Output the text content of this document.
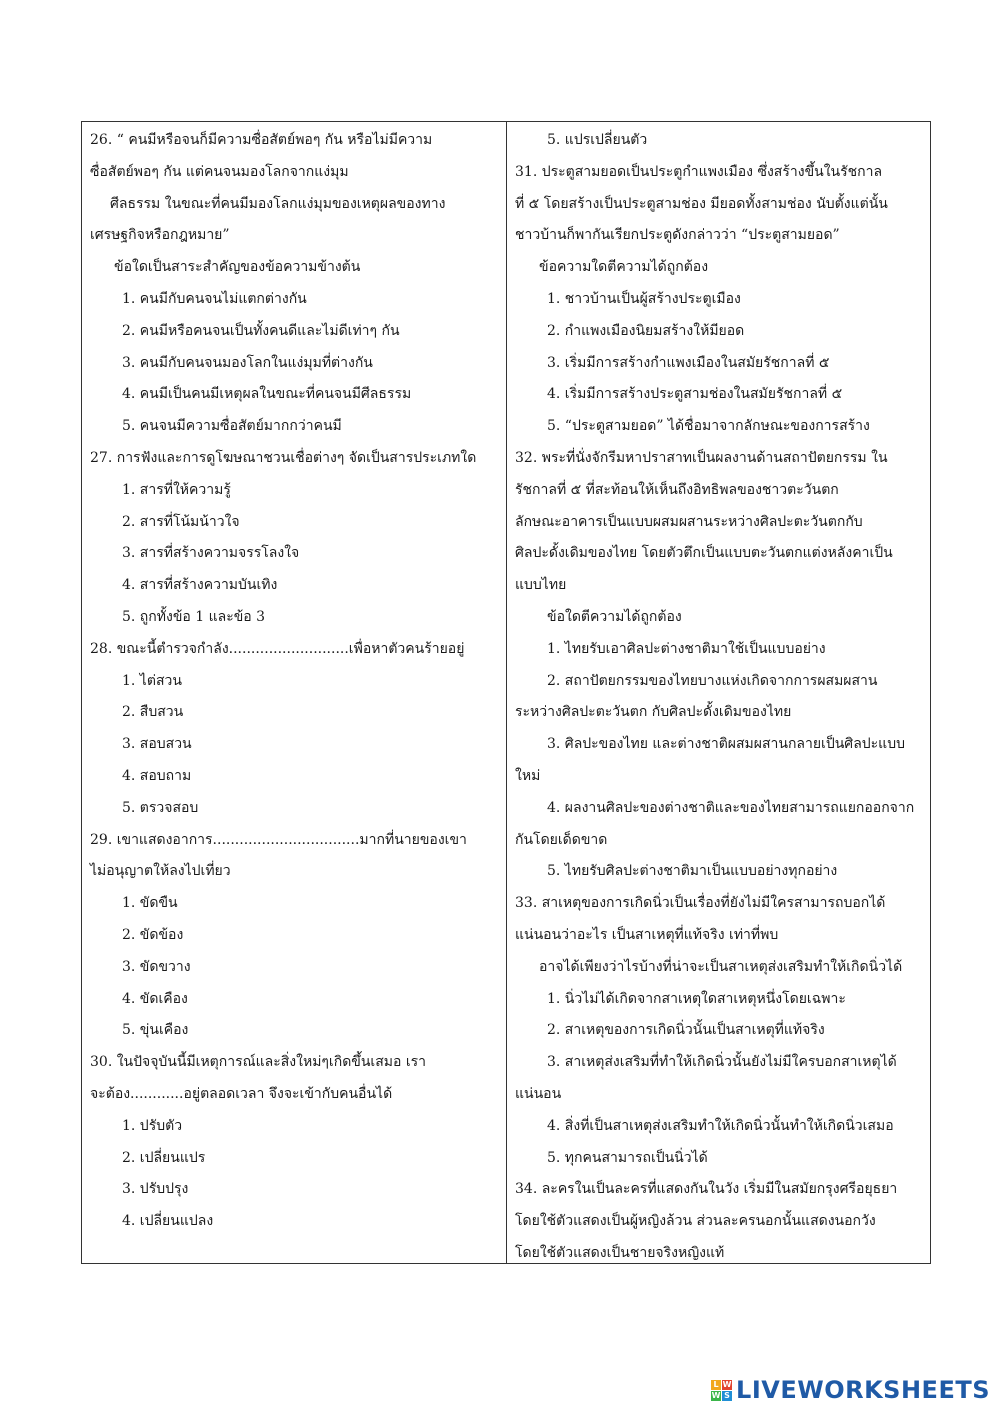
26. “ คนมีหรือจนก็มีความซื่อสัตย์พอๆ กัน หรือไม่มีความ
ซื่อสัตย์พอๆ กัน แต่คนจนมองโลกจากแง่มุม
ศีลธรรม ในขณะที่คนมีมองโลกแง่มุมของเหตุผลของทาง
เศรษฐกิจหรือกฎหมาย”
ข้อใดเป็นสาระสำคัญของข้อความข้างต้น
1. คนมีกับคนจนไม่แตกต่างกัน
2. คนมีหรือคนจนเป็นทั้งคนดีและไม่ดีเท่าๆ กัน
3. คนมีกับคนจนมองโลกในแง่มุมที่ต่างกัน
4. คนมีเป็นคนมีเหตุผลในขณะที่คนจนมีศีลธรรม
5. คนจนมีความซื่อสัตย์มากกว่าคนมี
27. การฟังและการดูโฆษณาชวนเชื่อต่างๆ จัดเป็นสารประเภทใด
1. สารที่ให้ความรู้
2. สารที่โน้มน้าวใจ
3. สารที่สร้างความจรรโลงใจ
4. สารที่สร้างความบันเทิง
5. ถูกทั้งข้อ 1 และข้อ 3
28. ขณะนี้ตำรวจกำลัง...........................เพื่อหาตัวคนร้ายอยู่
1. ไต่สวน
2. สืบสวน
3. สอบสวน
4. สอบถาม
5. ตรวจสอบ
29. เขาแสดงอาการ.................................มากที่นายของเขา
ไม่อนุญาตให้ลงไปเที่ยว
1. ขัดขืน
2. ขัดข้อง
3. ขัดขวาง
4. ขัดเคือง
5. ขุ่นเคือง
30. ในปัจจุบันนี้มีเหตุการณ์และสิ่งใหม่ๆเกิดขึ้นเสมอ เรา
จะต้อง............อยู่ตลอดเวลา จึงจะเข้ากับคนอื่นได้
1. ปรับตัว
2. เปลี่ยนแปร
3. ปรับปรุง
4. เปลี่ยนแปลง
5. แปรเปลี่ยนตัว
31. ประตูสามยอดเป็นประตูกำแพงเมือง ซึ่งสร้างขึ้นในรัชกาล
ที่ ๕ โดยสร้างเป็นประตูสามช่อง มียอดทั้งสามช่อง นับตั้งแต่นั้น
ชาวบ้านก็พากันเรียกประตูดังกล่าวว่า “ประตูสามยอด”
ข้อความใดตีความได้ถูกต้อง
1. ชาวบ้านเป็นผู้สร้างประตูเมือง
2. กำแพงเมืองนิยมสร้างให้มียอด
3. เริ่มมีการสร้างกำแพงเมืองในสมัยรัชกาลที่ ๕
4. เริ่มมีการสร้างประตูสามช่องในสมัยรัชกาลที่ ๕
5. “ประตูสามยอด” ได้ชื่อมาจากลักษณะของการสร้าง
32. พระที่นั่งจักรีมหาปราสาทเป็นผลงานด้านสถาปัตยกรรม ใน
รัชกาลที่ ๕ ที่สะท้อนให้เห็นถึงอิทธิพลของชาวตะวันตก
ลักษณะอาคารเป็นแบบผสมผสานระหว่างศิลปะตะวันตกกับ
ศิลปะดั้งเดิมของไทย โดยตัวตึกเป็นแบบตะวันตกแต่งหลังคาเป็น
แบบไทย
ข้อใดตีความได้ถูกต้อง
1. ไทยรับเอาศิลปะต่างชาติมาใช้เป็นแบบอย่าง
2. สถาปัตยกรรมของไทยบางแห่งเกิดจากการผสมผสาน
ระหว่างศิลปะตะวันตก กับศิลปะดั้งเดิมของไทย
3. ศิลปะของไทย และต่างชาติผสมผสานกลายเป็นศิลปะแบบ
ใหม่
4. ผลงานศิลปะของต่างชาติและของไทยสามารถแยกออกจาก
กันโดยเด็ดขาด
5. ไทยรับศิลปะต่างชาติมาเป็นแบบอย่างทุกอย่าง
33. สาเหตุของการเกิดนิ่วเป็นเรื่องที่ยังไม่มีใครสามารถบอกได้
แน่นอนว่าอะไร เป็นสาเหตุที่แท้จริง เท่าที่พบ
อาจได้เพียงว่าไรบ้างที่น่าจะเป็นสาเหตุส่งเสริมทำให้เกิดนิ่วได้
1. นิ่วไม่ได้เกิดจากสาเหตุใดสาเหตุหนึ่งโดยเฉพาะ
2. สาเหตุของการเกิดนิ่วนั้นเป็นสาเหตุที่แท้จริง
3. สาเหตุส่งเสริมที่ทำให้เกิดนิ่วนั้นยังไม่มีใครบอกสาเหตุได้
แน่นอน
4. สิ่งที่เป็นสาเหตุส่งเสริมทำให้เกิดนิ่วนั้นทำให้เกิดนิ่วเสมอ
5. ทุกคนสามารถเป็นนิ่วได้
34. ละครในเป็นละครที่แสดงกันในวัง เริ่มมีในสมัยกรุงศรีอยุธยา
โดยใช้ตัวแสดงเป็นผู้หญิงล้วน ส่วนละครนอกนั้นแสดงนอกวัง
โดยใช้ตัวแสดงเป็นชายจริงหญิงแท้
L W
W S LIVEWORKSHEETS
